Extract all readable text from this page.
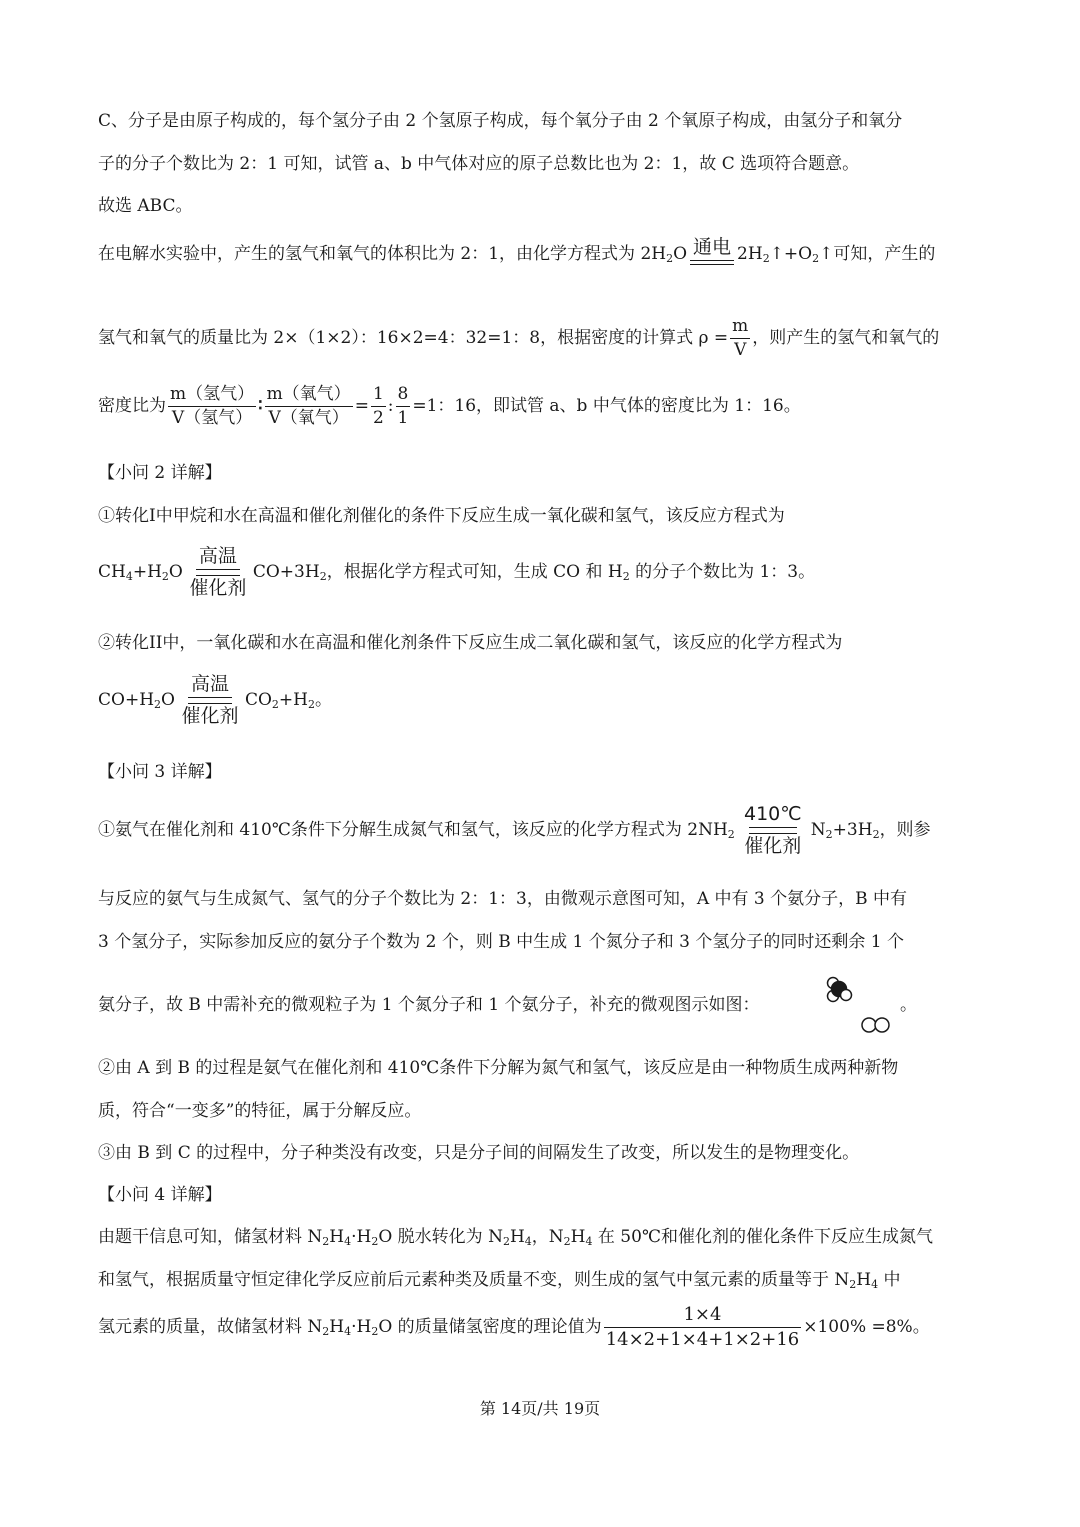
C、分子是由原子构成的，每个氢分子由 2 个氢原子构成，每个氧分子由 2 个氧原子构成，由氢分子和氧分
子的分子个数比为 2：1 可知，试管 a、b 中气体对应的原子总数比也为 2：1，故 C 选项符合题意。
故选 ABC。
在电解水实验中，产生的氢气和氧气的体积比为 2：1，由化学方程式为 $2H_2O$ 通电 $2H_2↑+O_2↑$可知，产生的
氢气和氧气的质量比为 2×（1×2）：16×2=4：32=1：8，根据密度的计算式 $\rho = \frac{m}{V}$ ，则产生的氢气和氧气的
密度比为 $\frac{\text{m（氢气）}}{\text{V（氢气）}}$ ∶ $\frac{\text{m（氧气）}}{\text{V（氧气）}} = \frac{1}{2}$ : $\frac{8}{1} =1$：16，即试管 a、b 中气体的密度比为 1：16。
【小问 2 详解】
①转化I中甲烷和水在高温和催化剂催化的条件下反应生成一氧化碳和氢气，该反应方程式为
$CH_4+H_2O$
高温
催化剂
$CO+3H_2$，根据化学方程式可知，生成 CO 和 $H_2$ 的分子个数比为 1：3。
②转化II中，一氧化碳和水在高温和催化剂条件下反应生成二氧化碳和氢气，该反应的化学方程式为
$CO+H_2O$
高温
催化剂
$CO_2+H_2$。
【小问 3 详解】
①氨气在催化剂和 410℃条件下分解生成氮气和氢气，该反应的化学方程式为 $2NH_2$
410℃
催化剂
$N_2+3H_2$，则参
与反应的氨气与生成氮气、氢气的分子个数比为 2：1：3，由微观示意图可知，A 中有 3 个氨分子，B 中有
3 个氢分子，实际参加反应的氨分子个数为 2 个，则 B 中生成 1 个氮分子和 3 个氢分子的同时还剩余 1 个
氨分子，故 B 中需补充的微观粒子为 1 个氮分子和 1 个氨分子，补充的微观图示如图：	。
②由 A 到 B 的过程是氨气在催化剂和 410℃条件下分解为氮气和氢气，该反应是由一种物质生成两种新物
质，符合“一变多”的特征，属于分解反应。
③由 B 到 C 的过程中，分子种类没有改变，只是分子间的间隔发生了改变，所以发生的是物理变化。
【小问 4 详解】
由题干信息可知，储氢材料 $N_2H_4\cdot H_2O$ 脱水转化为 $N_2H_4$，$N_2H_4$ 在 50℃和催化剂的催化条件下反应生成氮气
和氢气，根据质量守恒定律化学反应前后元素种类及质量不变，则生成的氢气中氢元素的质量等于 $N_2H_4$ 中
氢元素的质量，故储氢材料 $N_2H_4\cdot H_2O$ 的质量储氢密度的理论值为 $\frac{1\times 4}{14\times 2+1\times 4+1\times 2+16} \times 100\% =8\%$。
第 14页/共 19页
